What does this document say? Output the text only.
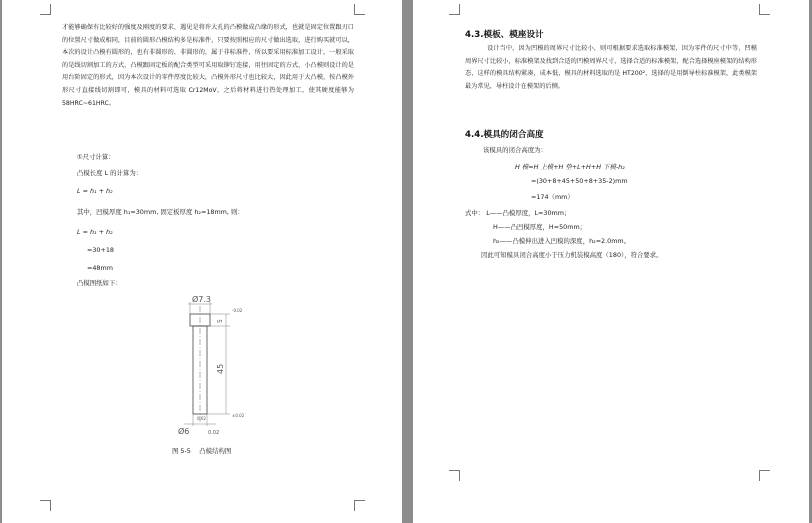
才能够确保有比较好的强度及刚度的要求，遇见是将许大孔的凸模做成凸缘的形式，也就是固定位置跟刃口的位置尺寸做成相同，目前的圆形凸模结构多是标准件，只要按照相应的尺寸做出选取，进行购买就可以，本次的设计凸模有圆形的，也有非圆形的，非圆形的，属于非标准件，所以要采用标准加工设计，一般采取的是线切割加工的方式，凸模跟固定板的配合类型可采用取铆钉连接，用往固定的方式，小凸模则设计的是用台阶固定的形式，因为本次设计的零件厚度比较大，凸模外形尺寸也比较大，因此用于大凸模，按凸模外形尺寸直接线切割即可，模具的材料可选取 Cr12MoV，之后将材料进行热处理加工，使其硬度能够为 58HRC~61HRC。

①尺寸计算：
凸模长度 L 的计算为：
L = h₁ + h₂
其中，凹模厚度 h₁=30mm, 固定板厚度 h₂=18mm, 则：
L = h₁ + h₂
=30+18
=48mm
凸模图纸如下：
Ø7.3
5
45
-0.02
±0.02
Ø6	0.02
0.02
图 5-5　 凸模结构图
4.3.模板、模座设计

设计当中，因为凹模的周界尺寸比较小，则可根据要求选取标准模架，因为零件的尺寸中等，凹模周界尺寸比较小，标准模架及找到合适的凹模周界尺寸，选择合适的标准模架，配合选择模座模架的结构形态，这样的模具结构紧凑，成本低，模具的材料选取的是 HT200²，选择的是用倒导柱标准模架，此类模架最为常见，导柱设计在模架的后侧。

4.4.模具的闭合高度
该模具的闭合高度为：
H 模=H 上模+H 垫+L+H+H 下模-h₂
=(30+8+45+50+8+35-2)mm
=174（mm）
式中： L——凸模厚度，L=30mm；
H——凸凹模厚度，H=50mm；
h₂——凸模伸出进入凹模的深度，h₂=2.0mm。
因此可知模具闭合高度小于压力机装模高度（180），符合要求。
